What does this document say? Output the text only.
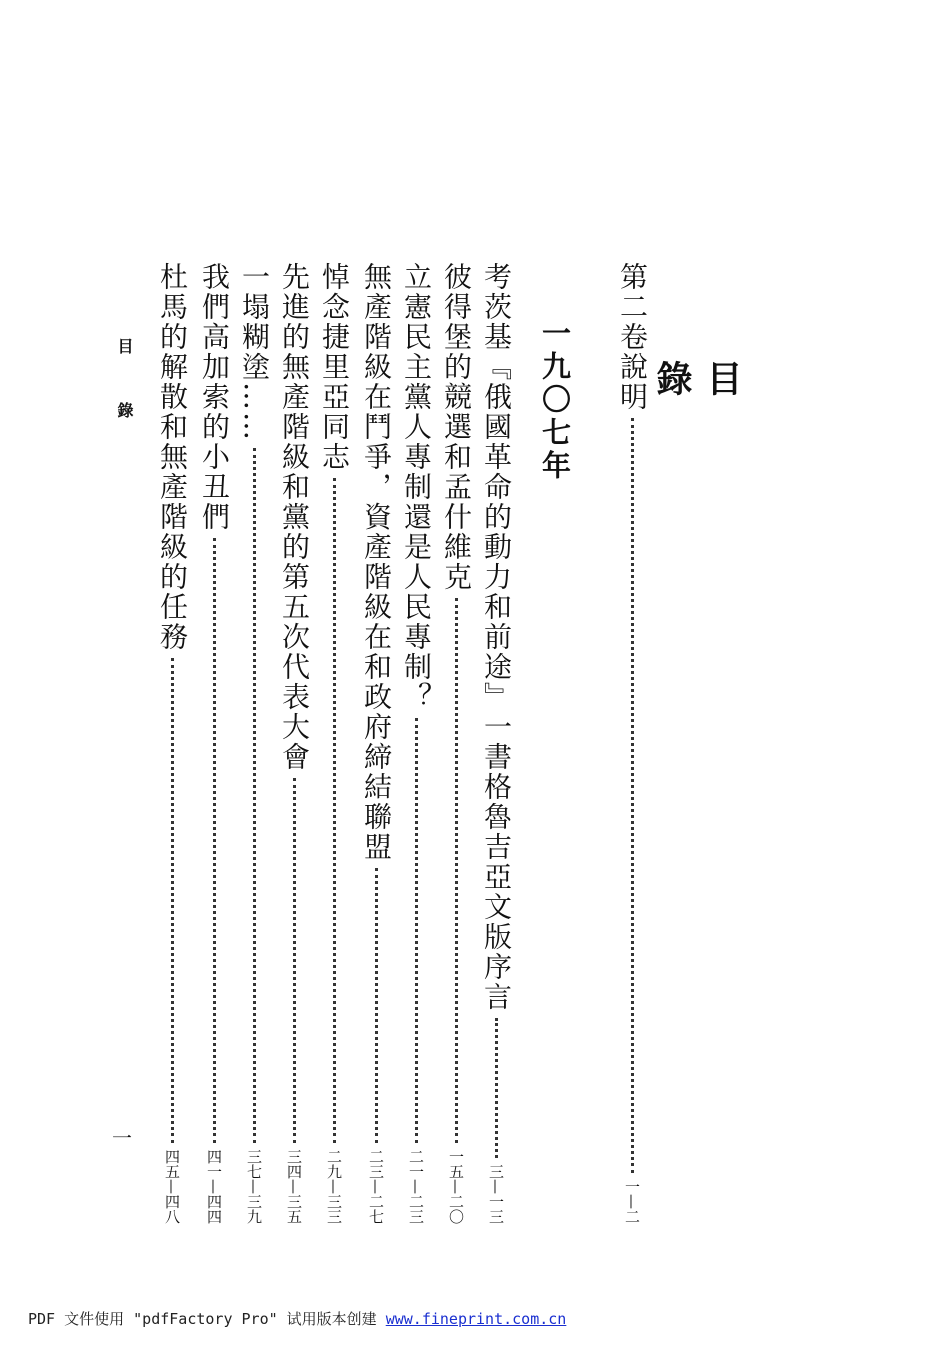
目錄
第二卷說明
一—二
一九〇七年
考茨基『俄國革命的動力和前途』一書格魯吉亞文版序言
三—一三
彼得堡的競選和孟什維克
一五—二〇
立憲民主黨人專制還是人民專制？
二一—二三
無產階級在鬥爭，資產階級在和政府締結聯盟
二三—二七
悼念捷里亞同志
二九—三三
先進的無產階級和黨的第五次代表大會
三四—三五
一塌糊塗……
三七—三九
我們高加索的小丑們
四一—四四
杜馬的解散和無產階級的任務
四五—四八
目錄
一
PDF 文件使用 "pdfFactory Pro" 试用版本创建 www.fineprint.com.cn
